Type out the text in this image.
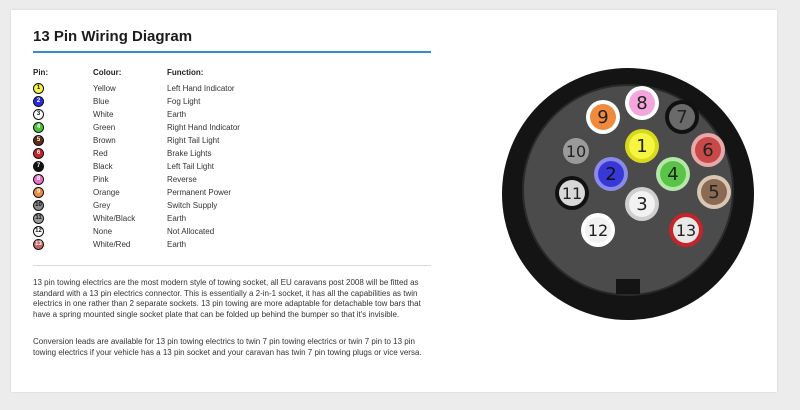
13 Pin Wiring Diagram
Pin:	Colour:	Function:
1	Yellow	Left Hand Indicator
2	Blue	Fog Light
3	White	Earth
4	Green	Right Hand Indicator
5	Brown	Right Tail Light
6	Red	Brake Lights
7	Black	Left Tail Light
8	Pink	Reverse
9	Orange	Permanent Power
10	Grey	Switch Supply
11	White/Black	Earth
12	None	Not Allocated
13	White/Red	Earth

13 pin towing electrics are the most modern style of towing socket, all EU caravans post 2008 will be fitted as standard with a 13 pin electrics connector. This is essentially a 2-in-1 socket, it has all the capabilities as twin electrics in one rather than 2 separate sockets. 13 pin towing are more adaptable for detachable tow bars that have a spring mounted single socket plate that can be folded up behind the bumper so that it's invisible.

Conversion leads are available for 13 pin towing electrics to twin 7 pin towing electrics or twin 7 pin to 13 pin towing electrics if your vehicle has a 13 pin socket and your caravan has twin 7 pin towing plugs or vice versa.

1
2
3
4
5
6
7
8
9
10
11
12	13
